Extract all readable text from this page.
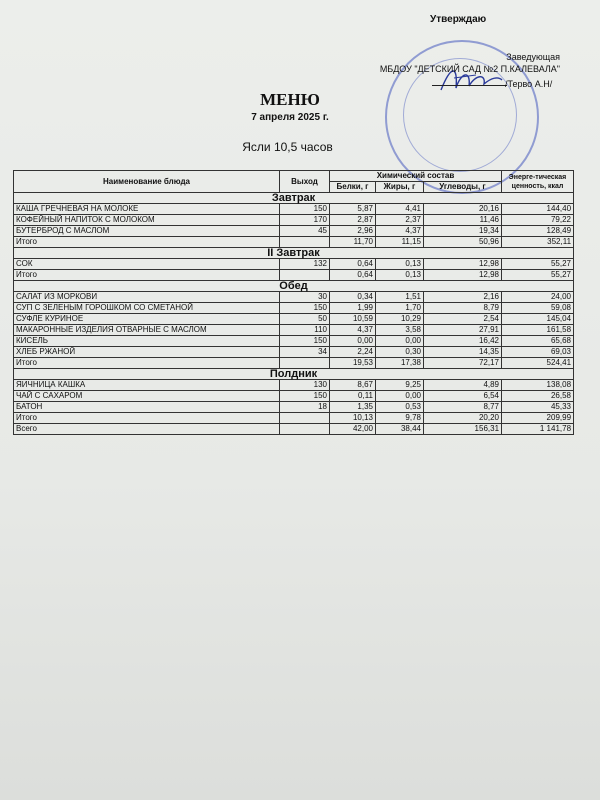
Утверждаю
Заведующая
МБДОУ "ДЕТСКИЙ САД №2 П.КАЛЕВАЛА"
/Терво А.Н/
МЕНЮ
7 апреля 2025 г.
Ясли 10,5 часов
Наименование блюда	Выход	Химический состав			Энерге-тическая ценность, ккал
		Белки, г	Жиры, г	Углеводы, г	
Завтрак					
КАША ГРЕЧНЕВАЯ НА МОЛОКЕ	150	5,87	4,41	20,16	144,40
КОФЕЙНЫЙ НАПИТОК С МОЛОКОМ	170	2,87	2,37	11,46	79,22
БУТЕРБРОД С МАСЛОМ	45	2,96	4,37	19,34	128,49
Итого		11,70	11,15	50,96	352,11
II Завтрак					
СОК	132	0,64	0,13	12,98	55,27
Итого		0,64	0,13	12,98	55,27
Обед					
САЛАТ ИЗ МОРКОВИ	30	0,34	1,51	2,16	24,00
СУП С ЗЕЛЕНЫМ ГОРОШКОМ СО СМЕТАНОЙ	150	1,99	1,70	8,79	59,08
СУФЛЕ КУРИНОЕ	50	10,59	10,29	2,54	145,04
МАКАРОННЫЕ ИЗДЕЛИЯ ОТВАРНЫЕ С МАСЛОМ	110	4,37	3,58	27,91	161,58
КИСЕЛЬ	150	0,00	0,00	16,42	65,68
ХЛЕБ РЖАНОЙ	34	2,24	0,30	14,35	69,03
Итого		19,53	17,38	72,17	524,41
Полдник					
ЯИЧНИЦА КАШКА	130	8,67	9,25	4,89	138,08
ЧАЙ С САХАРОМ	150	0,11	0,00	6,54	26,58
БАТОН	18	1,35	0,53	8,77	45,33
Итого		10,13	9,78	20,20	209,99
Всего		42,00	38,44	156,31	1 141,78
